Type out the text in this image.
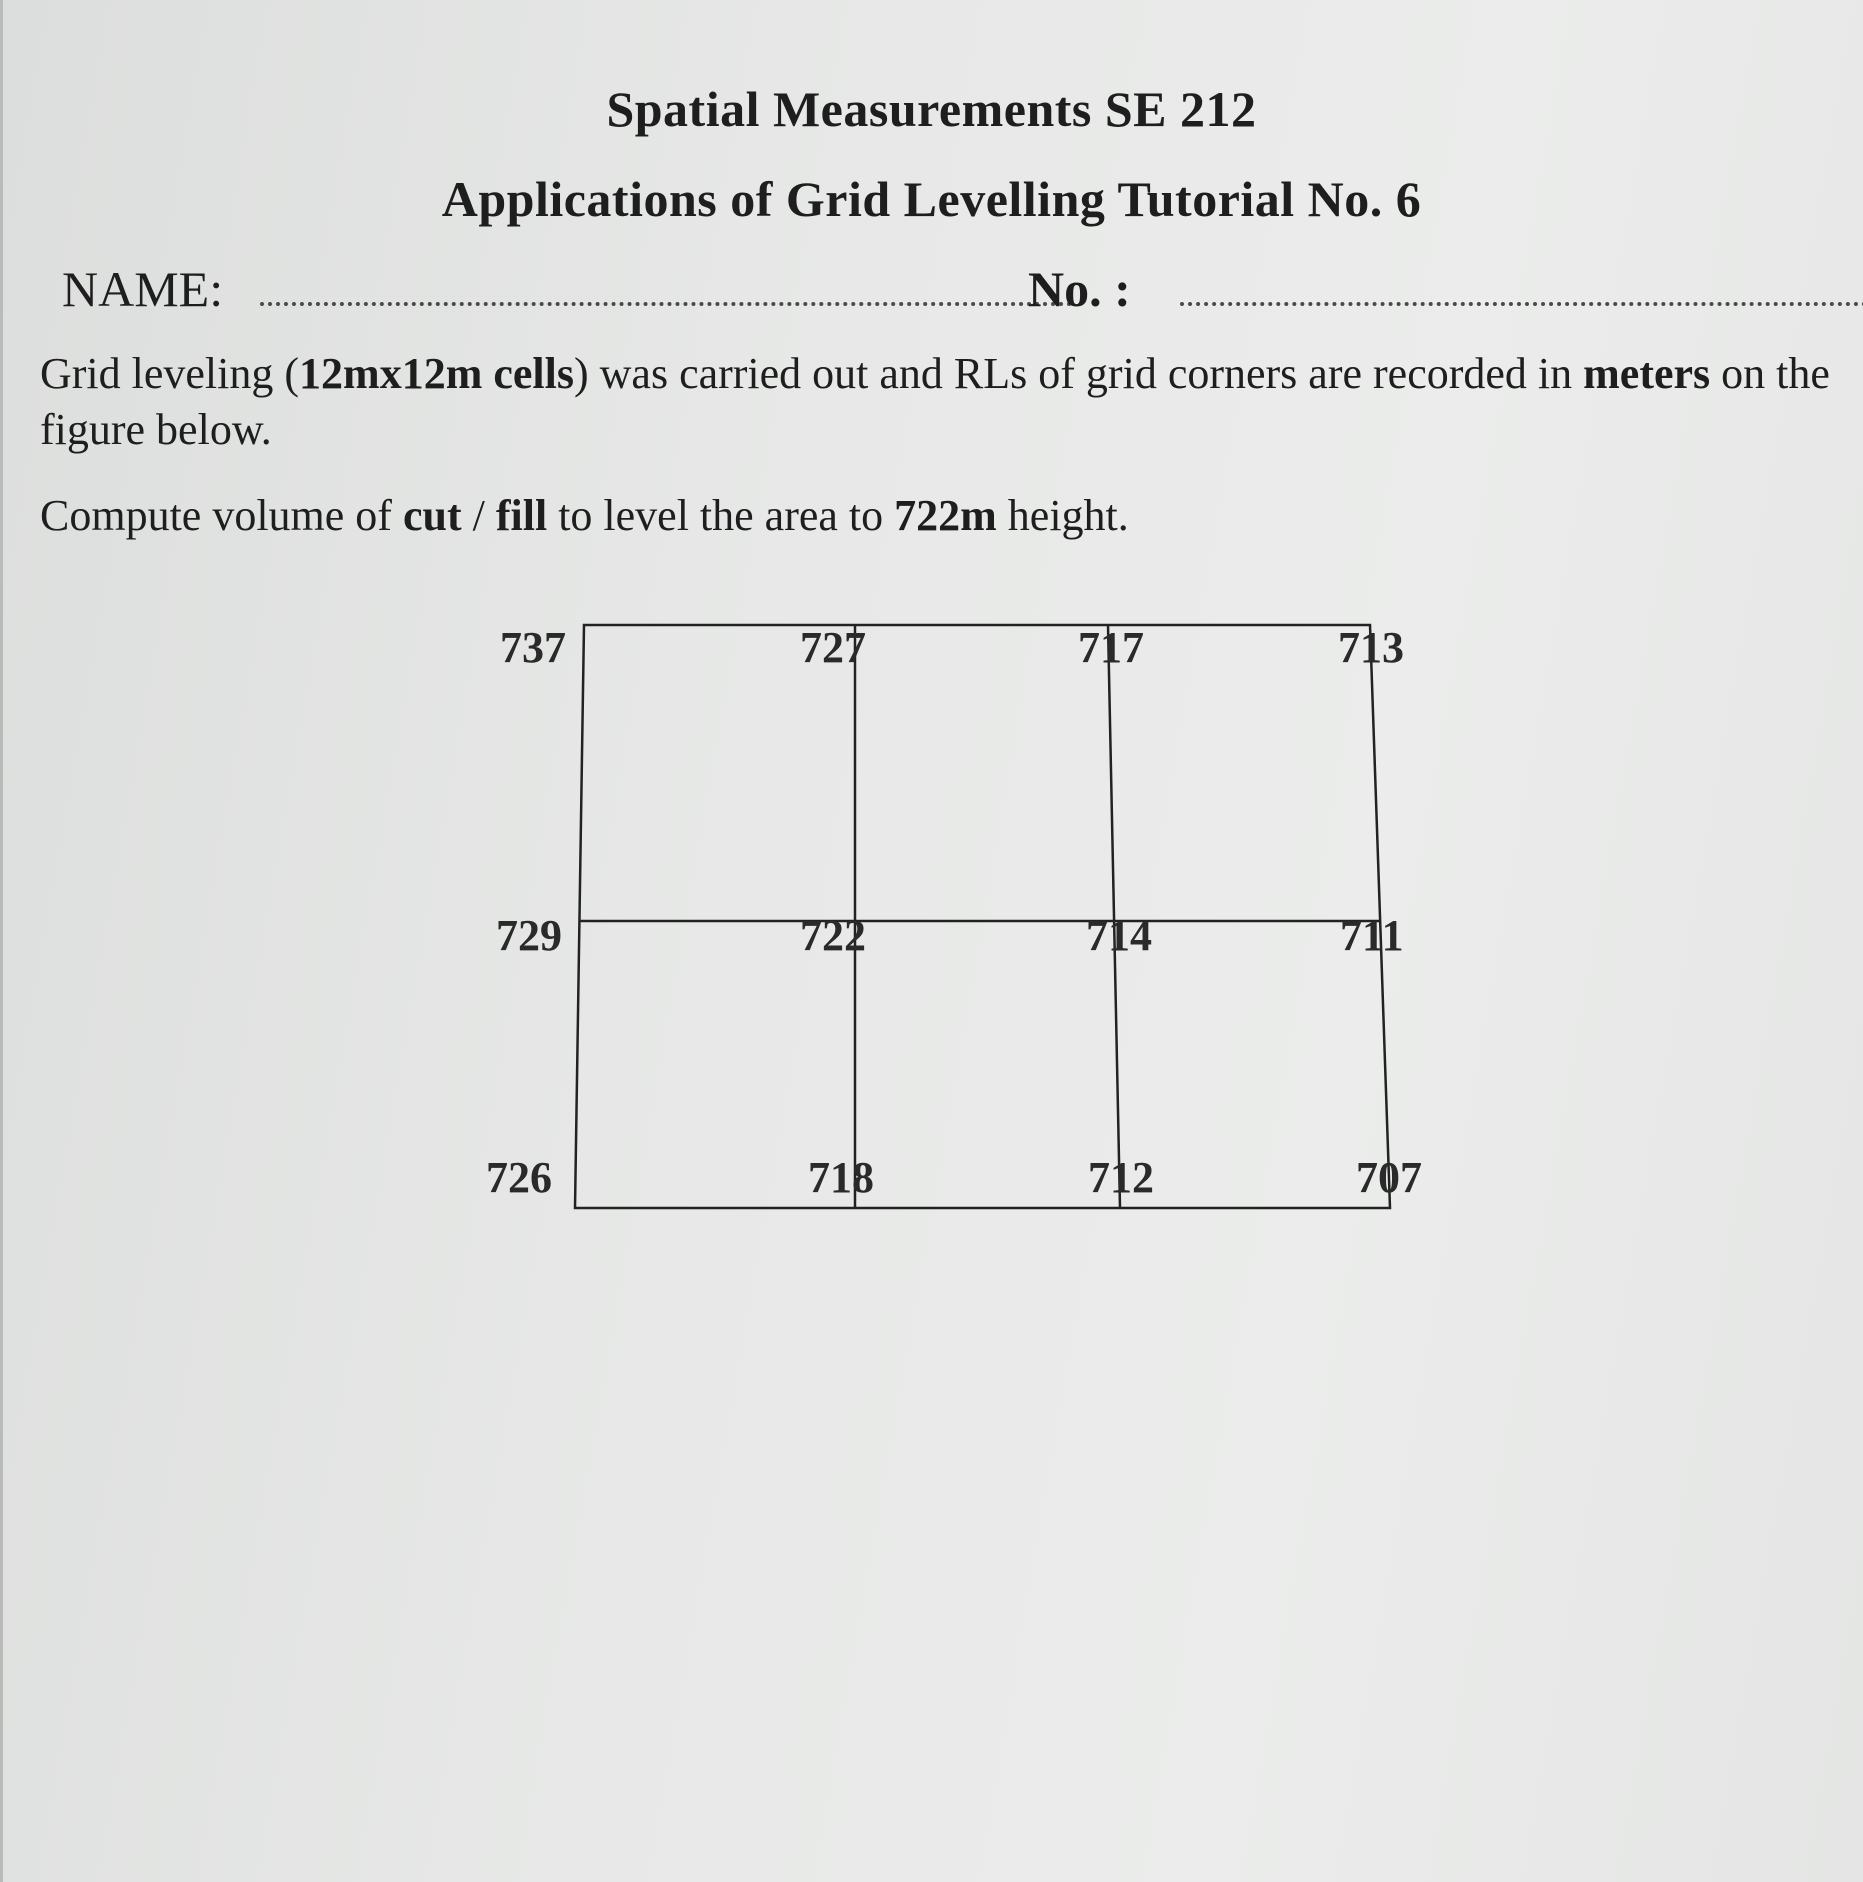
Spatial Measurements SE 212
Applications of Grid Levelling Tutorial No. 6
NAME:	No. :

Grid leveling (12mx12m cells) was carried out and RLs of grid corners are recorded in meters on the figure below.

Compute volume of cut / fill to level the area to 722m height.

737	727	717	713
729	722	714	711
726	718	712	707
